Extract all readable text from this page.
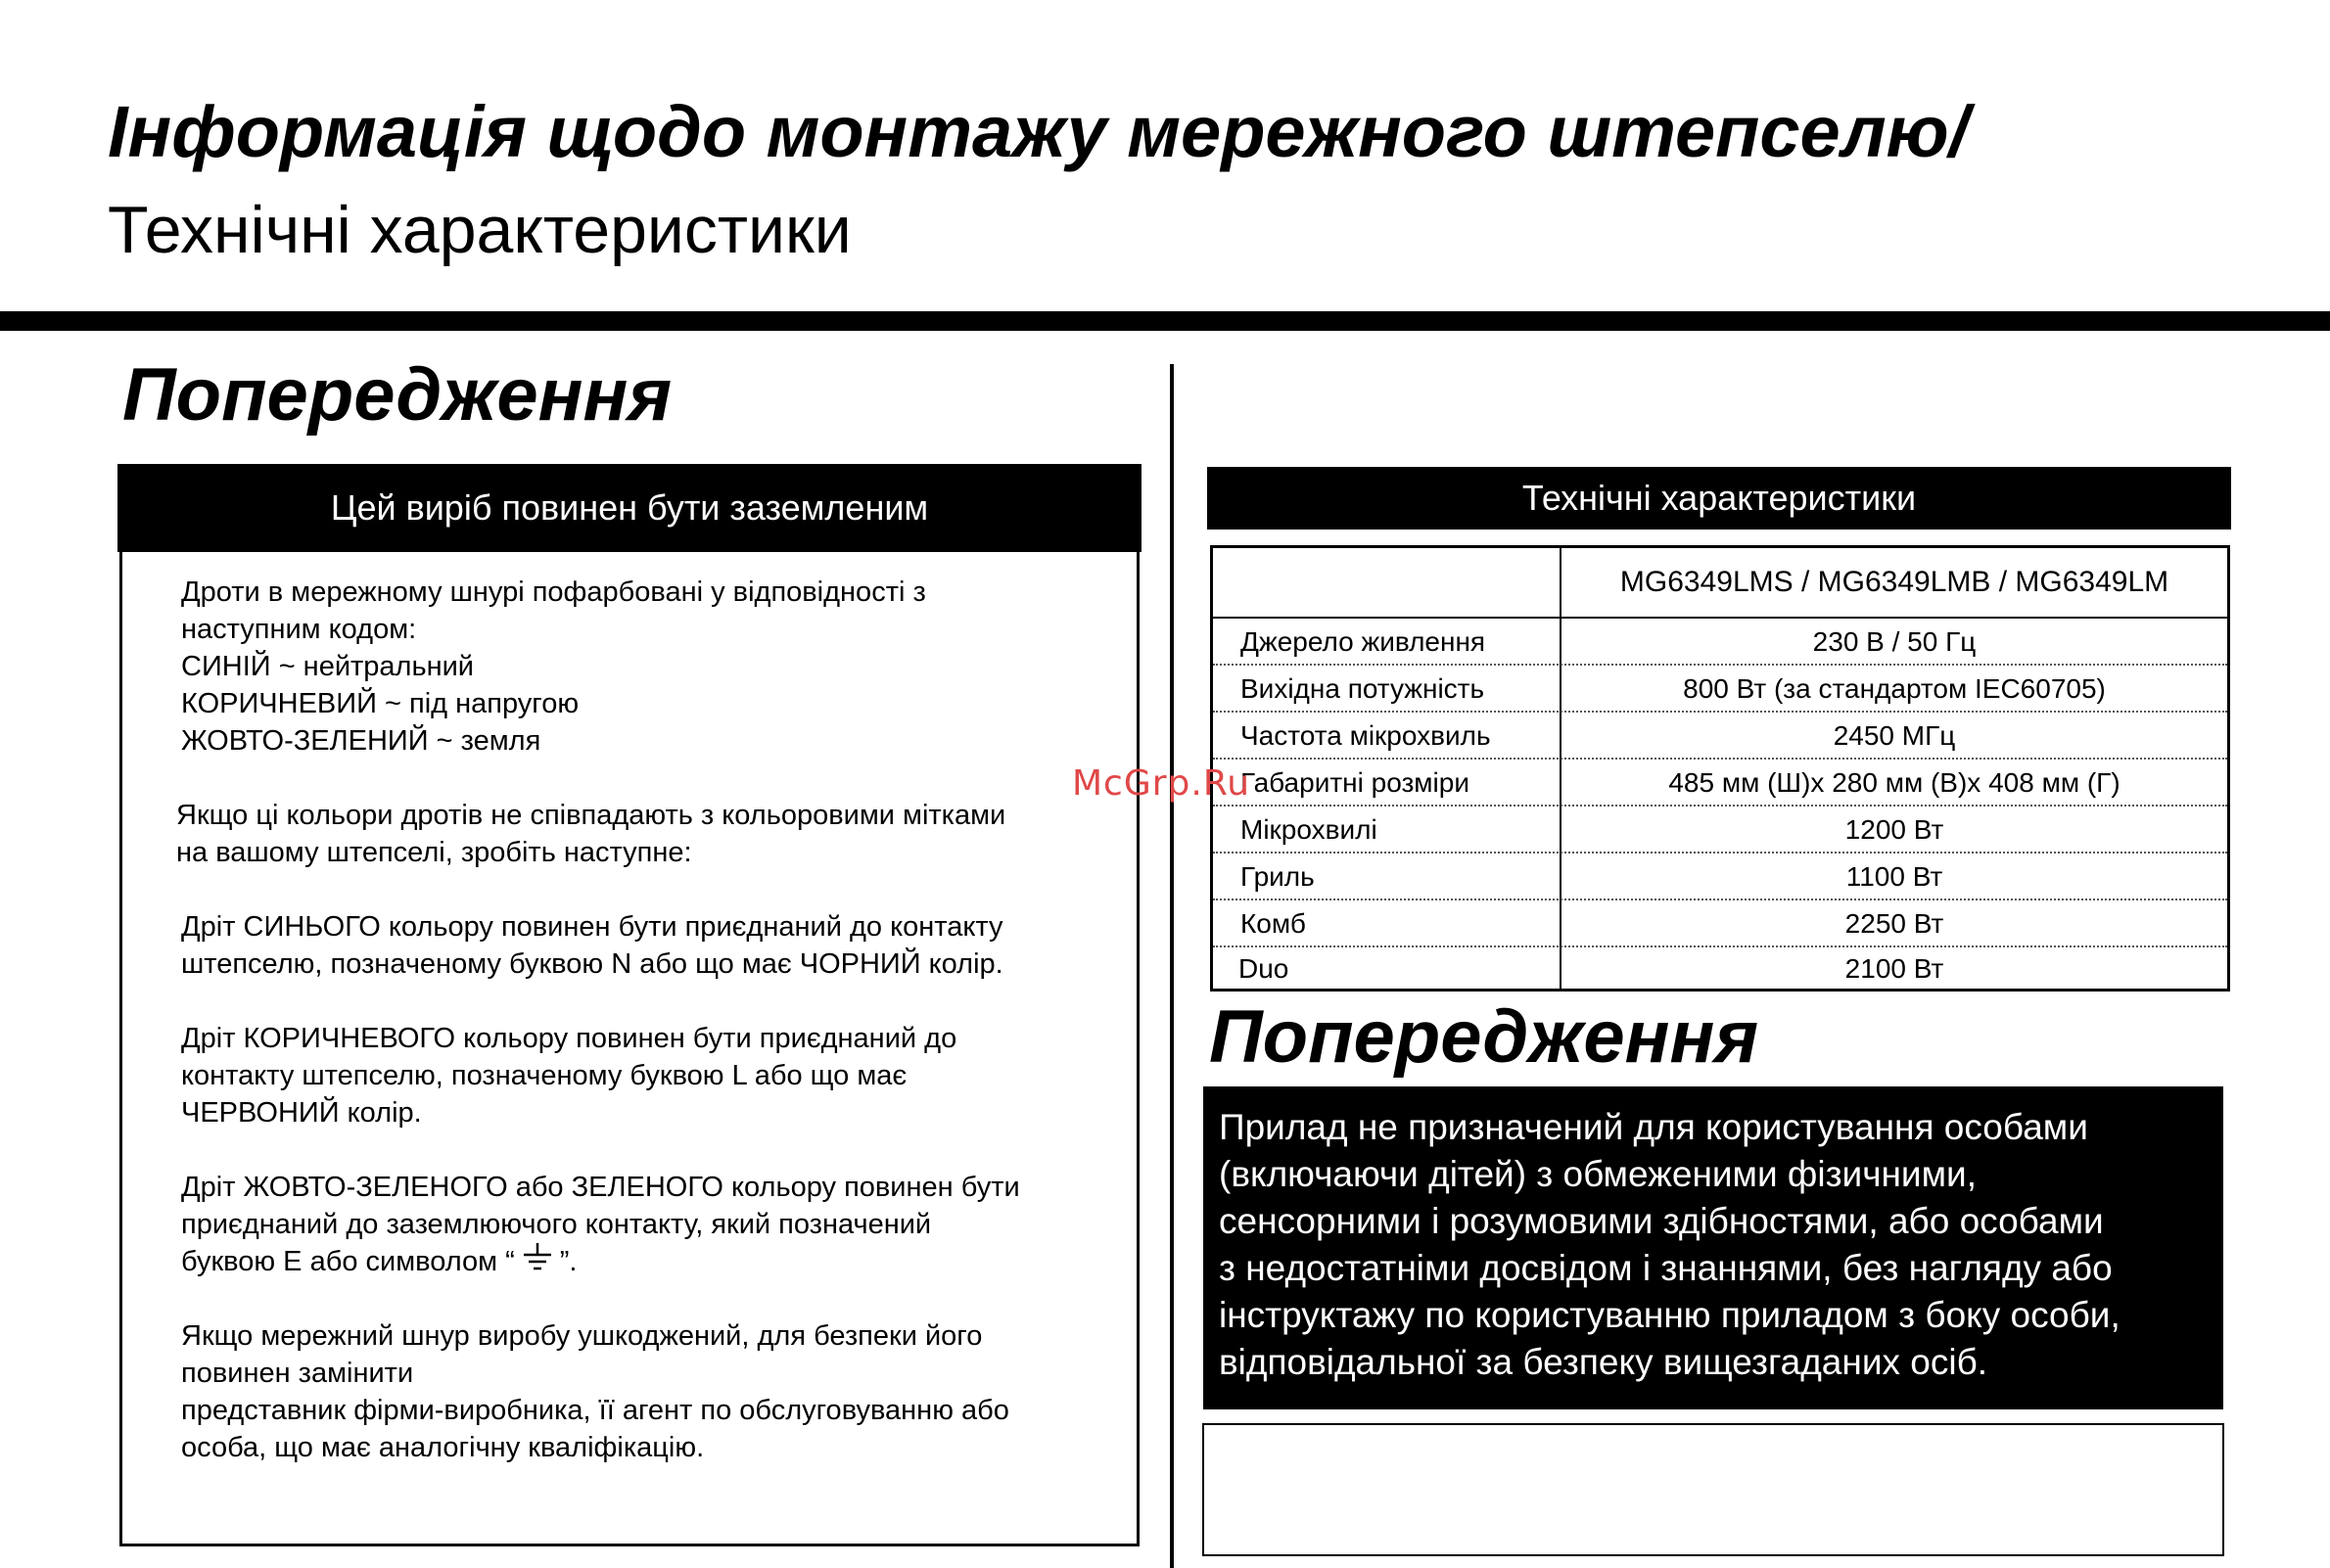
Інформація щодо монтажу мережного штепселю/
Технічні характеристики
Попередження
Цей виріб повинен бути заземленим
Дроти в мережному шнурі пофарбовані у відповідності з
наступним кодом:
СИНІЙ ~ нейтральний
КОРИЧНЕВИЙ ~ під напругою
ЖОВТО-ЗЕЛЕНИЙ ~ земля
Якщо ці кольори дротів не співпадають з кольоровими мітками
на вашому штепселі, зробіть наступне:
Дріт СИНЬОГО кольору повинен бути приєднаний до контакту
штепселю, позначеному буквою N або що має ЧОРНИЙ колір.
Дріт КОРИЧНЕВОГО кольору повинен бути приєднаний до
контакту штепселю, позначеному буквою L або що має
ЧЕРВОНИЙ колір.
Дріт ЖОВТО-ЗЕЛЕНОГО або ЗЕЛЕНОГО кольору повинен бути
приєднаний до заземлюючого контакту, який позначений
буквою E або символом “ ”.
Якщо мережний шнур виробу ушкоджений, для безпеки його
повинен замінити
представник фірми-виробника, її агент по обслуговуванню або
особа, що має аналогічну кваліфікацію.
Технічні характеристики
MG6349LMS / MG6349LMB / MG6349LM
Джерело живлення	230 В / 50 Гц
Вихідна потужність	800 Вт (за стандартом IEC60705)
Частота мікрохвиль	2450 МГц
Габаритні розміри	485 мм (Ш)х 280 мм (В)х 408 мм (Г)
Мікрохвилі	1200 Вт
Гриль	1100 Вт
Комб	2250 Вт
Duo	2100 Вт
McGrp.Ru
Попередження
Прилад не призначений для користування особами
(включаючи дітей) з обмеженими фізичними,
сенсорними і розумовими здібностями, або особами
з недостатніми досвідом і знаннями, без нагляду або
інструктажу по користуванню приладом з боку особи,
відповідальної за безпеку вищезгаданих осіб.
